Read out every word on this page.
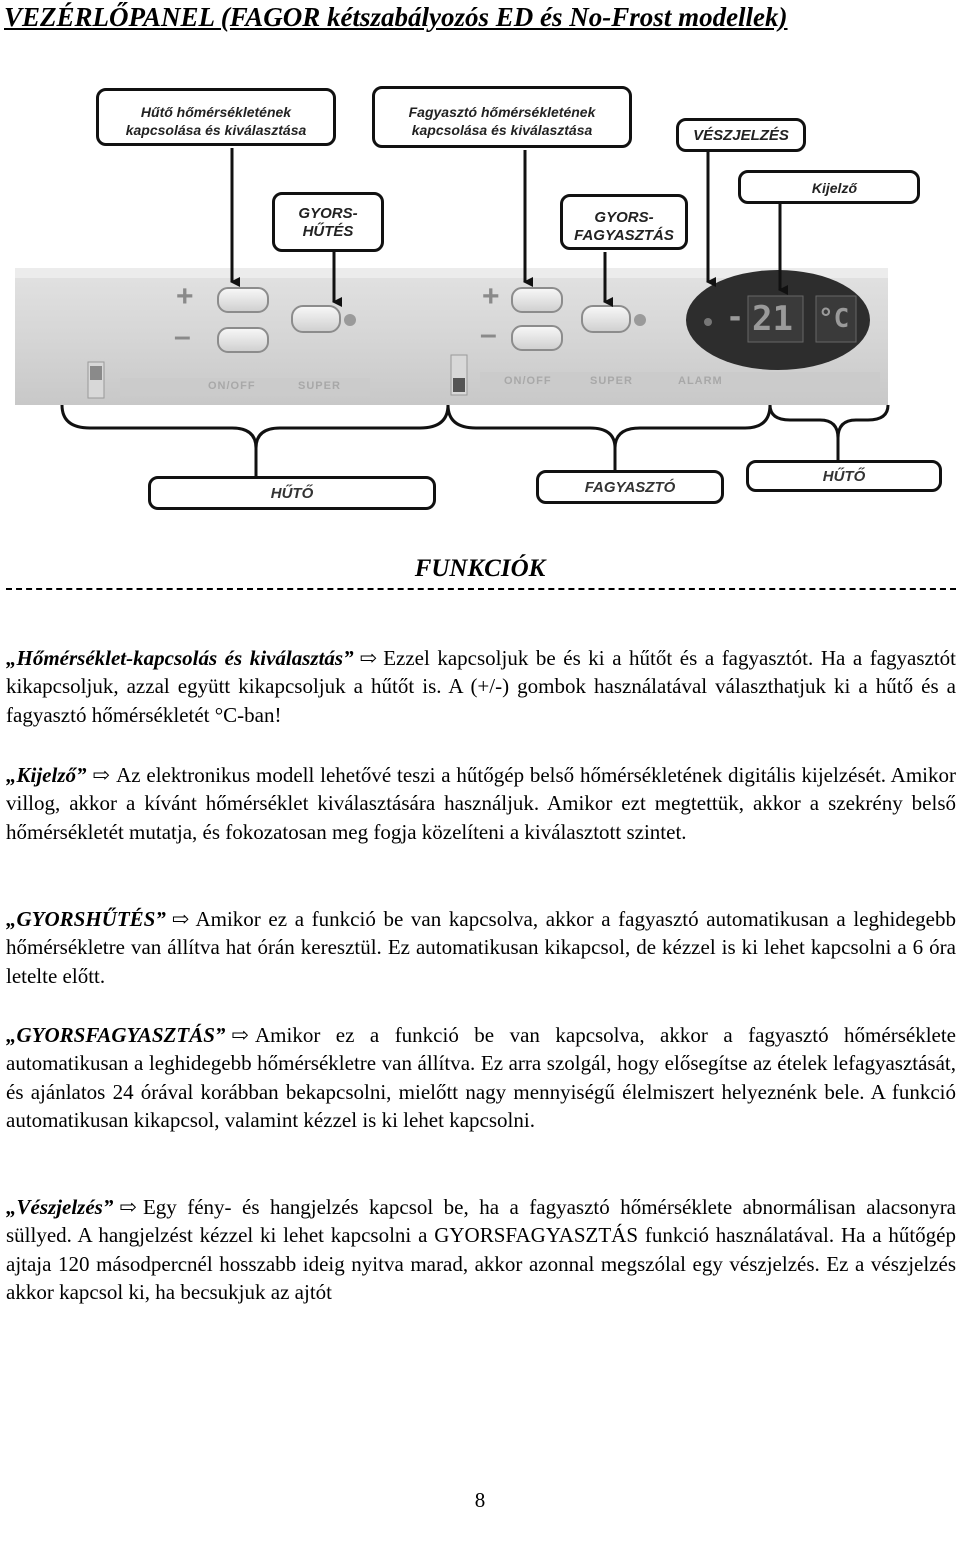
VEZÉRLŐPANEL (FAGOR kétszabályozós ED és No-Frost modellek)
+
–
+
–
ON/OFF	SUPER	ON/OFF	SUPER	ALARM
- 21 °C
Hűtő hőmérsékletének
kapcsolása és kiválasztása
Fagyasztó hőmérsékletének
kapcsolása és kiválasztása	VÉSZJELZÉS
GYORS-
HŰTÉS
GYORS-
FAGYASZTÁS
Kijelző
HŰTŐ	FAGYASZTÓ
HŰTŐ
FUNKCIÓK

„Hőmérséklet-kapcsolás és kiválasztás” ⇨ Ezzel kapcsoljuk be és ki a hűtőt és a fagyasztót. Ha a fagyasztót kikapcsoljuk, azzal együtt kikapcsoljuk a hűtőt is. A (+/-) gombok használatával választhatjuk ki a hűtő és a fagyasztó hőmérsékletét °C-ban!

„Kijelző” ⇨ Az elektronikus modell lehetővé teszi a hűtőgép belső hőmérsékletének digitális kijelzését. Amikor villog, akkor a kívánt hőmérséklet kiválasztására használjuk. Amikor ezt megtettük, akkor a szekrény belső hőmérsékletét mutatja, és fokozatosan meg fogja közelíteni a kiválasztott szintet.

„GYORSHŰTÉS” ⇨ Amikor ez a funkció be van kapcsolva, akkor a fagyasztó automatikusan a leghidegebb hőmérsékletre van állítva hat órán keresztül. Ez automatikusan kikapcsol, de kézzel is ki lehet kapcsolni a 6 óra letelte előtt.

„GYORSFAGYASZTÁS” ⇨ Amikor ez a funkció be van kapcsolva, akkor a fagyasztó hőmérséklete automatikusan a leghidegebb hőmérsékletre van állítva. Ez arra szolgál, hogy elősegítse az ételek lefagyasztását, és ajánlatos 24 órával korábban bekapcsolni, mielőtt nagy mennyiségű élelmiszert helyeznénk bele. A funkció automatikusan kikapcsol, valamint kézzel is ki lehet kapcsolni.

„Vészjelzés” ⇨ Egy fény- és hangjelzés kapcsol be, ha a fagyasztó hőmérséklete abnormálisan alacsonyra süllyed. A hangjelzést kézzel ki lehet kapcsolni a GYORSFAGYASZTÁS funkció használatával. Ha a hűtőgép ajtaja 120 másodpercnél hosszabb ideig nyitva marad, akkor azonnal megszólal egy vészjelzés. Ez a vészjelzés akkor kapcsol ki, ha becsukjuk az ajtót

8
